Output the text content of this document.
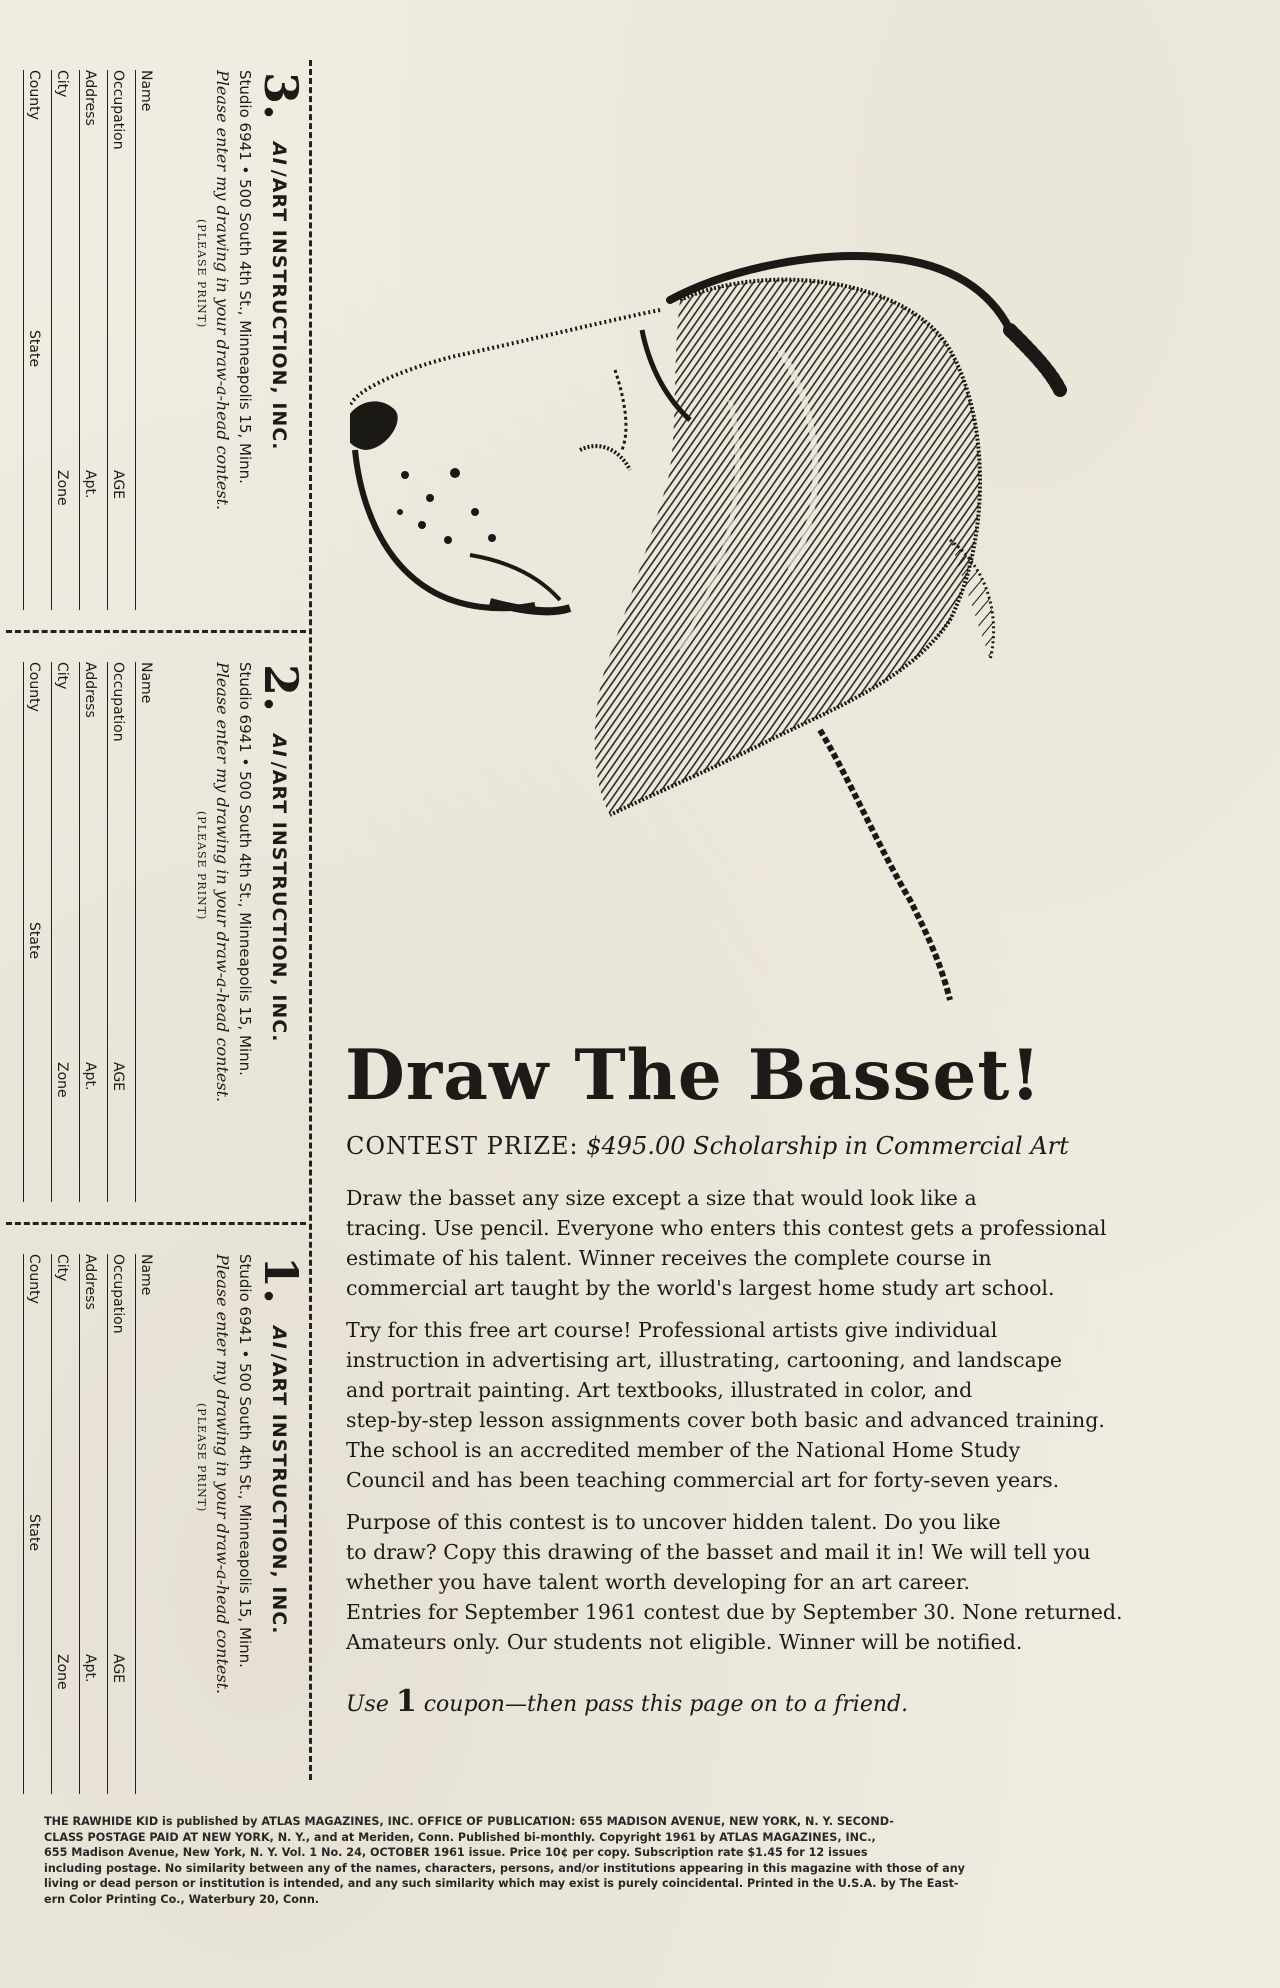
3.
AI/ART INSTRUCTION, INC.
Studio 6941 • 500 South 4th St., Minneapolis 15, Minn.
Please enter my drawing in your draw-a-head contest.
(PLEASE PRINT)
Name
Occupation
AGE
Address
Apt.
City
Zone
County
State
2.
AI/ART INSTRUCTION, INC.
Studio 6941 • 500 South 4th St., Minneapolis 15, Minn.
Please enter my drawing in your draw-a-head contest.
(PLEASE PRINT)
Name
Occupation
AGE
Address
Apt.
City
Zone
County
State
1.
AI/ART INSTRUCTION, INC.
Studio 6941 • 500 South 4th St., Minneapolis 15, Minn.
Please enter my drawing in your draw-a-head contest.
(PLEASE PRINT)
Name
Occupation
AGE
Address
Apt.
City
Zone
County
State
Draw The Basset!
CONTEST PRIZE: $495.00 Scholarship in Commercial Art
Draw the basset any size except a size that would look like a
tracing. Use pencil. Everyone who enters this contest gets a professional
estimate of his talent. Winner receives the complete course in
commercial art taught by the world's largest home study art school.
Try for this free art course! Professional artists give individual
instruction in advertising art, illustrating, cartooning, and landscape
and portrait painting. Art textbooks, illustrated in color, and
step-by-step lesson assignments cover both basic and advanced training.
The school is an accredited member of the National Home Study
Council and has been teaching commercial art for forty-seven years.
Purpose of this contest is to uncover hidden talent. Do you like
to draw? Copy this drawing of the basset and mail it in! We will tell you
whether you have talent worth developing for an art career.
Entries for September 1961 contest due by September 30. None returned.
Amateurs only. Our students not eligible. Winner will be notified.
Use 1 coupon—then pass this page on to a friend.
THE RAWHIDE KID is published by ATLAS MAGAZINES, INC. OFFICE OF PUBLICATION: 655 MADISON AVENUE, NEW YORK, N. Y. SECOND-
CLASS POSTAGE PAID AT NEW YORK, N. Y., and at Meriden, Conn. Published bi-monthly. Copyright 1961 by ATLAS MAGAZINES, INC.,
655 Madison Avenue, New York, N. Y. Vol. 1 No. 24, OCTOBER 1961 issue. Price 10¢ per copy. Subscription rate $1.45 for 12 issues
including postage. No similarity between any of the names, characters, persons, and/or institutions appearing in this magazine with those of any
living or dead person or institution is intended, and any such similarity which may exist is purely coincidental. Printed in the U.S.A. by The East-
ern Color Printing Co., Waterbury 20, Conn.
